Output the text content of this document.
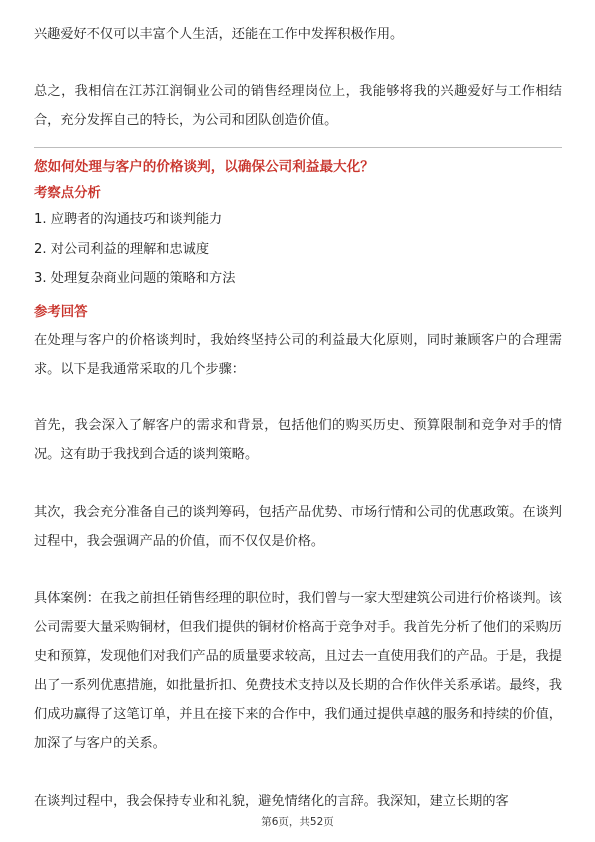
兴趣爱好不仅可以丰富个人生活，还能在工作中发挥积极作用。

总之，我相信在江苏江润铜业公司的销售经理岗位上，我能够将我的兴趣爱好与工作相结合，充分发挥自己的特长，为公司和团队创造价值。

您如何处理与客户的价格谈判，以确保公司利益最大化？
考察点分析
1. 应聘者的沟通技巧和谈判能力
2. 对公司利益的理解和忠诚度
3. 处理复杂商业问题的策略和方法
参考回答

在处理与客户的价格谈判时，我始终坚持公司的利益最大化原则，同时兼顾客户的合理需求。以下是我通常采取的几个步骤：

首先，我会深入了解客户的需求和背景，包括他们的购买历史、预算限制和竞争对手的情况。这有助于我找到合适的谈判策略。

其次，我会充分准备自己的谈判筹码，包括产品优势、市场行情和公司的优惠政策。在谈判过程中，我会强调产品的价值，而不仅仅是价格。

具体案例：在我之前担任销售经理的职位时，我们曾与一家大型建筑公司进行价格谈判。该公司需要大量采购铜材，但我们提供的铜材价格高于竞争对手。我首先分析了他们的采购历史和预算，发现他们对我们产品的质量要求较高，且过去一直使用我们的产品。于是，我提出了一系列优惠措施，如批量折扣、免费技术支持以及长期的合作伙伴关系承诺。最终，我们成功赢得了这笔订单，并且在接下来的合作中，我们通过提供卓越的服务和持续的价值，加深了与客户的关系。

在谈判过程中，我会保持专业和礼貌，避免情绪化的言辞。我深知，建立长期的客

第6页，共52页
